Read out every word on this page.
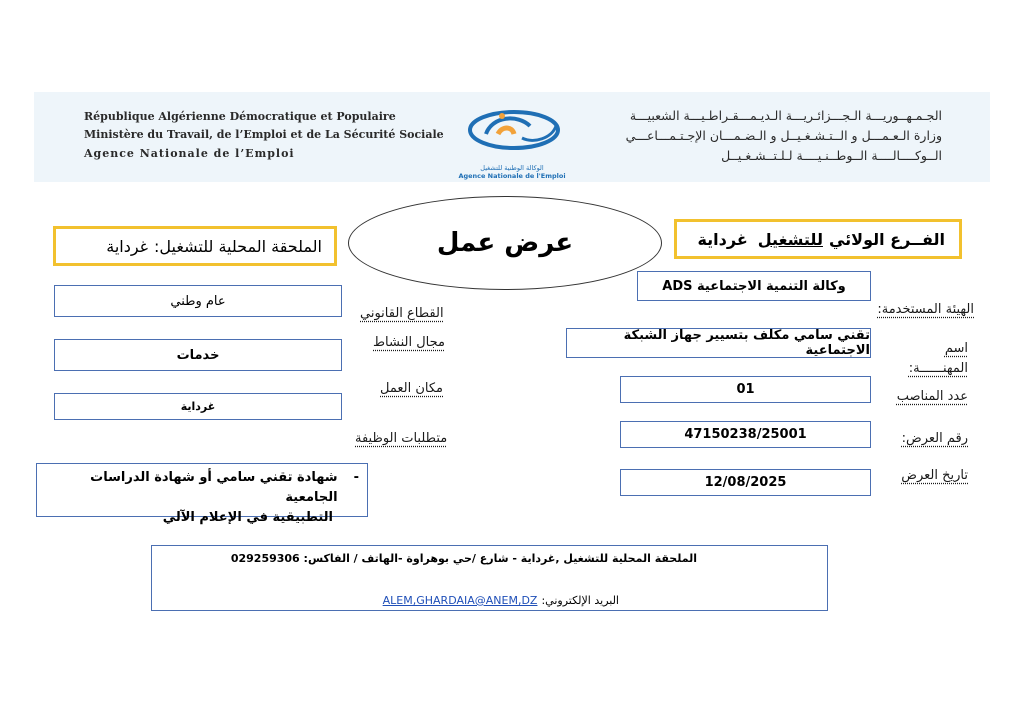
République Algérienne Démocratique et Populaire
Ministère du Travail, de l’Emploi et de La Sécurité Sociale
Agence Nationale de l’Emploi
الجـمـهــوريـــة الـجـــزائـريـــة الـديـمـــقـراطـيـــة الشعبيـــة
وزارة الـعـمـــل و الــتـشـغـيــل و الـضـمـــان الإجـتـمـــاعـــي
الــوكــــالــــة الــوطــنـيــــة لـلـتــشـغـيــل
الوكالة الوطنية للتشغيل
Agence Nationale de l'Emploi
عرض عمل	الفــرع الولائي
للتشغيل
غرداية
الملحقة المحلية للتشغيل:
غرداية
وكالة التنمية الاجتماعية ADS
تقني سامي مكلف بتسيير جهاز الشبكة الاجتماعية
01
47150238/25001
12/08/2025
الهيئة المستخدمة:
اسم المهنــــــة:
عدد المناصب
رقم العرض:
تاريخ العرض
عام وطني
خدمات
غرداية
القطاع القانوني
مجال النشاط
مكان العمل
متطلبات الوظيفة
-
شهادة تقني سامي أو شهادة الدراسات الجامعية
التطبيقية في الإعلام الآلي
الملحقة المحلية للتشغيل ,غرداية - شارع /حي بوهراوة -الهاتف / الفاكس: 029259306
البريد الإلكتروني:
ALEM,GHARDAIA@ANEM,DZ
